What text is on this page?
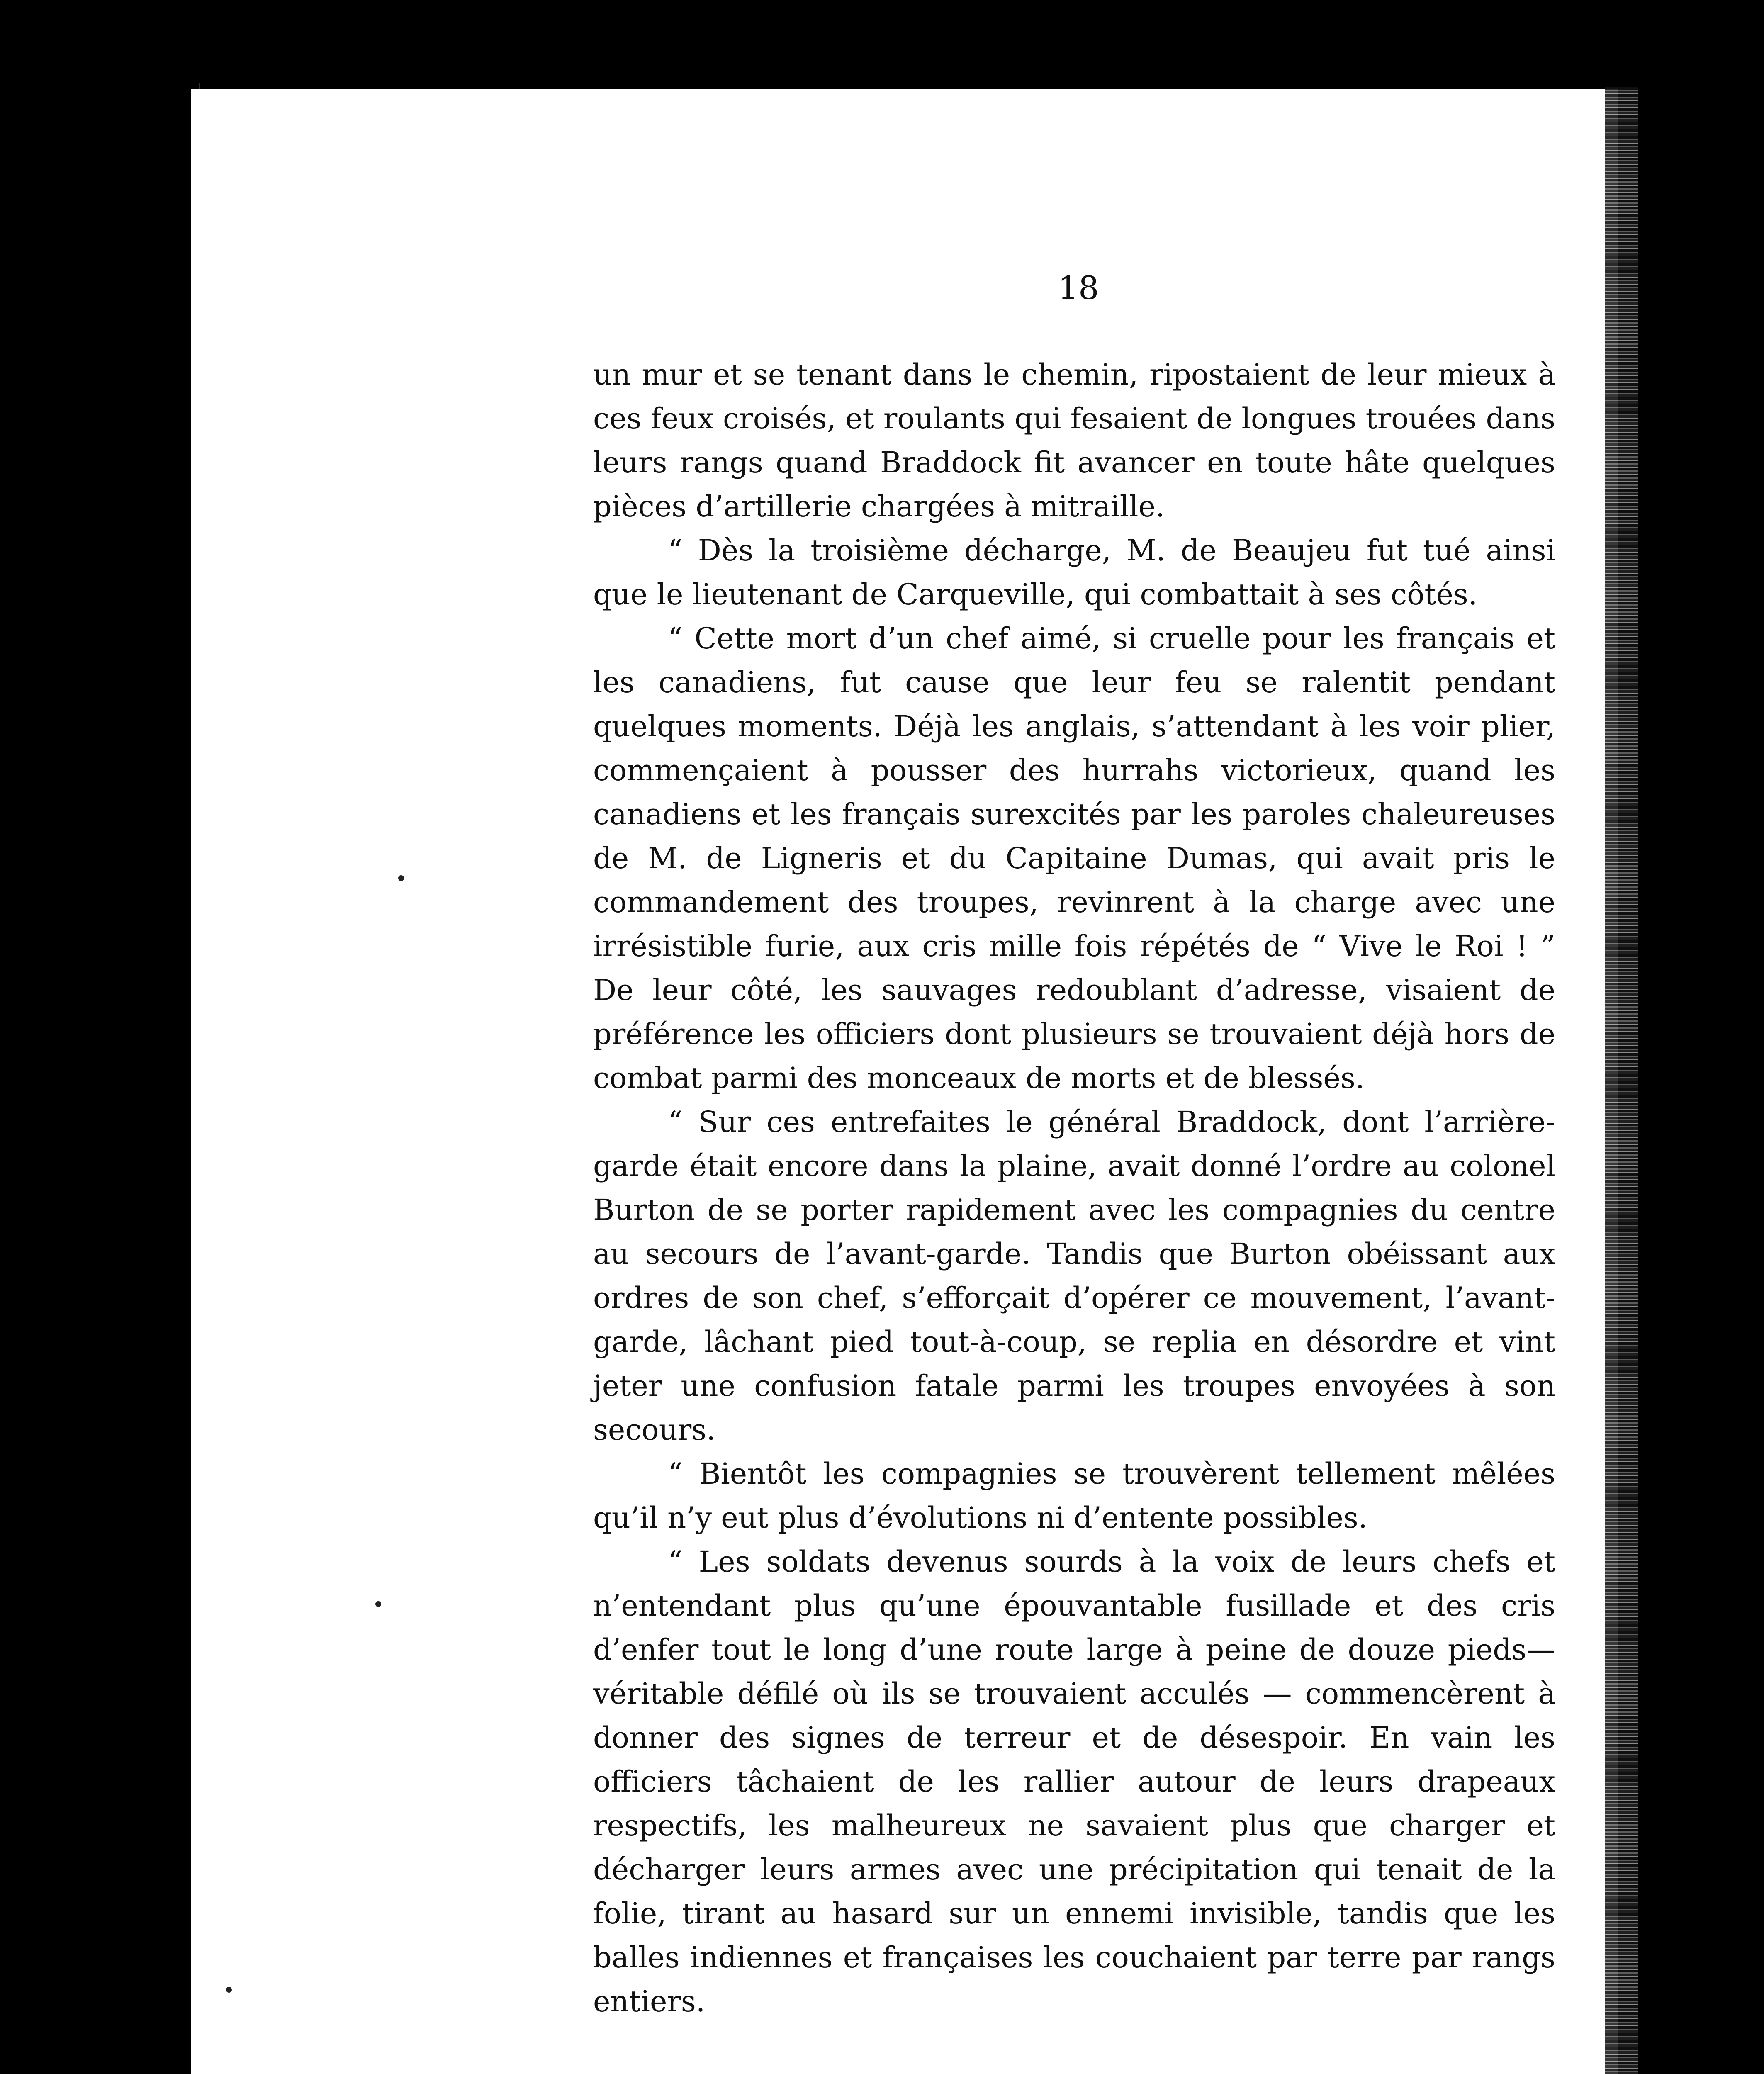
18

un mur et se tenant dans le chemin, ripostaient de leur mieux à ces feux croisés, et roulants qui fesaient de longues trouées dans leurs rangs quand Braddock fit avancer en toute hâte quelques pièces d’artillerie chargées à mitraille.

“ Dès la troisième décharge, M. de Beaujeu fut tué ainsi que le lieutenant de Carqueville, qui combattait à ses côtés.

“ Cette mort d’un chef aimé, si cruelle pour les français et les canadiens, fut cause que leur feu se ralentit pendant quelques moments. Déjà les anglais, s’attendant à les voir plier, commençaient à pousser des hurrahs victorieux, quand les canadiens et les français surexcités par les paroles chaleureuses de M. de Ligneris et du Capitaine Dumas, qui avait pris le commandement des troupes, revinrent à la charge avec une irrésistible furie, aux cris mille fois répétés de “ Vive le Roi ! ” De leur côté, les sauvages redoublant d’adresse, visaient de préférence les officiers dont plusieurs se trouvaient déjà hors de combat parmi des monceaux de morts et de blessés.

“ Sur ces entrefaites le général Braddock, dont l’arrière-garde était encore dans la plaine, avait donné l’ordre au colonel Burton de se porter rapidement avec les compagnies du centre au secours de l’avant-garde. Tandis que Burton obéissant aux ordres de son chef, s’efforçait d’opérer ce mouvement, l’avant-garde, lâchant pied tout-à-coup, se replia en désordre et vint jeter une confusion fatale parmi les troupes envoyées à son secours.

“ Bientôt les compagnies se trouvèrent tellement mêlées qu’il n’y eut plus d’évolutions ni d’entente possibles.

“ Les soldats devenus sourds à la voix de leurs chefs et n’entendant plus qu’une épouvantable fusillade et des cris d’enfer tout le long d’une route large à peine de douze pieds—véritable défilé où ils se trouvaient acculés — commencèrent à donner des signes de terreur et de désespoir. En vain les officiers tâchaient de les rallier autour de leurs drapeaux respectifs, les malheureux ne savaient plus que charger et décharger leurs armes avec une précipitation qui tenait de la folie, tirant au hasard sur un ennemi invisible, tandis que les balles indiennes et françaises les couchaient par terre par rangs entiers.
